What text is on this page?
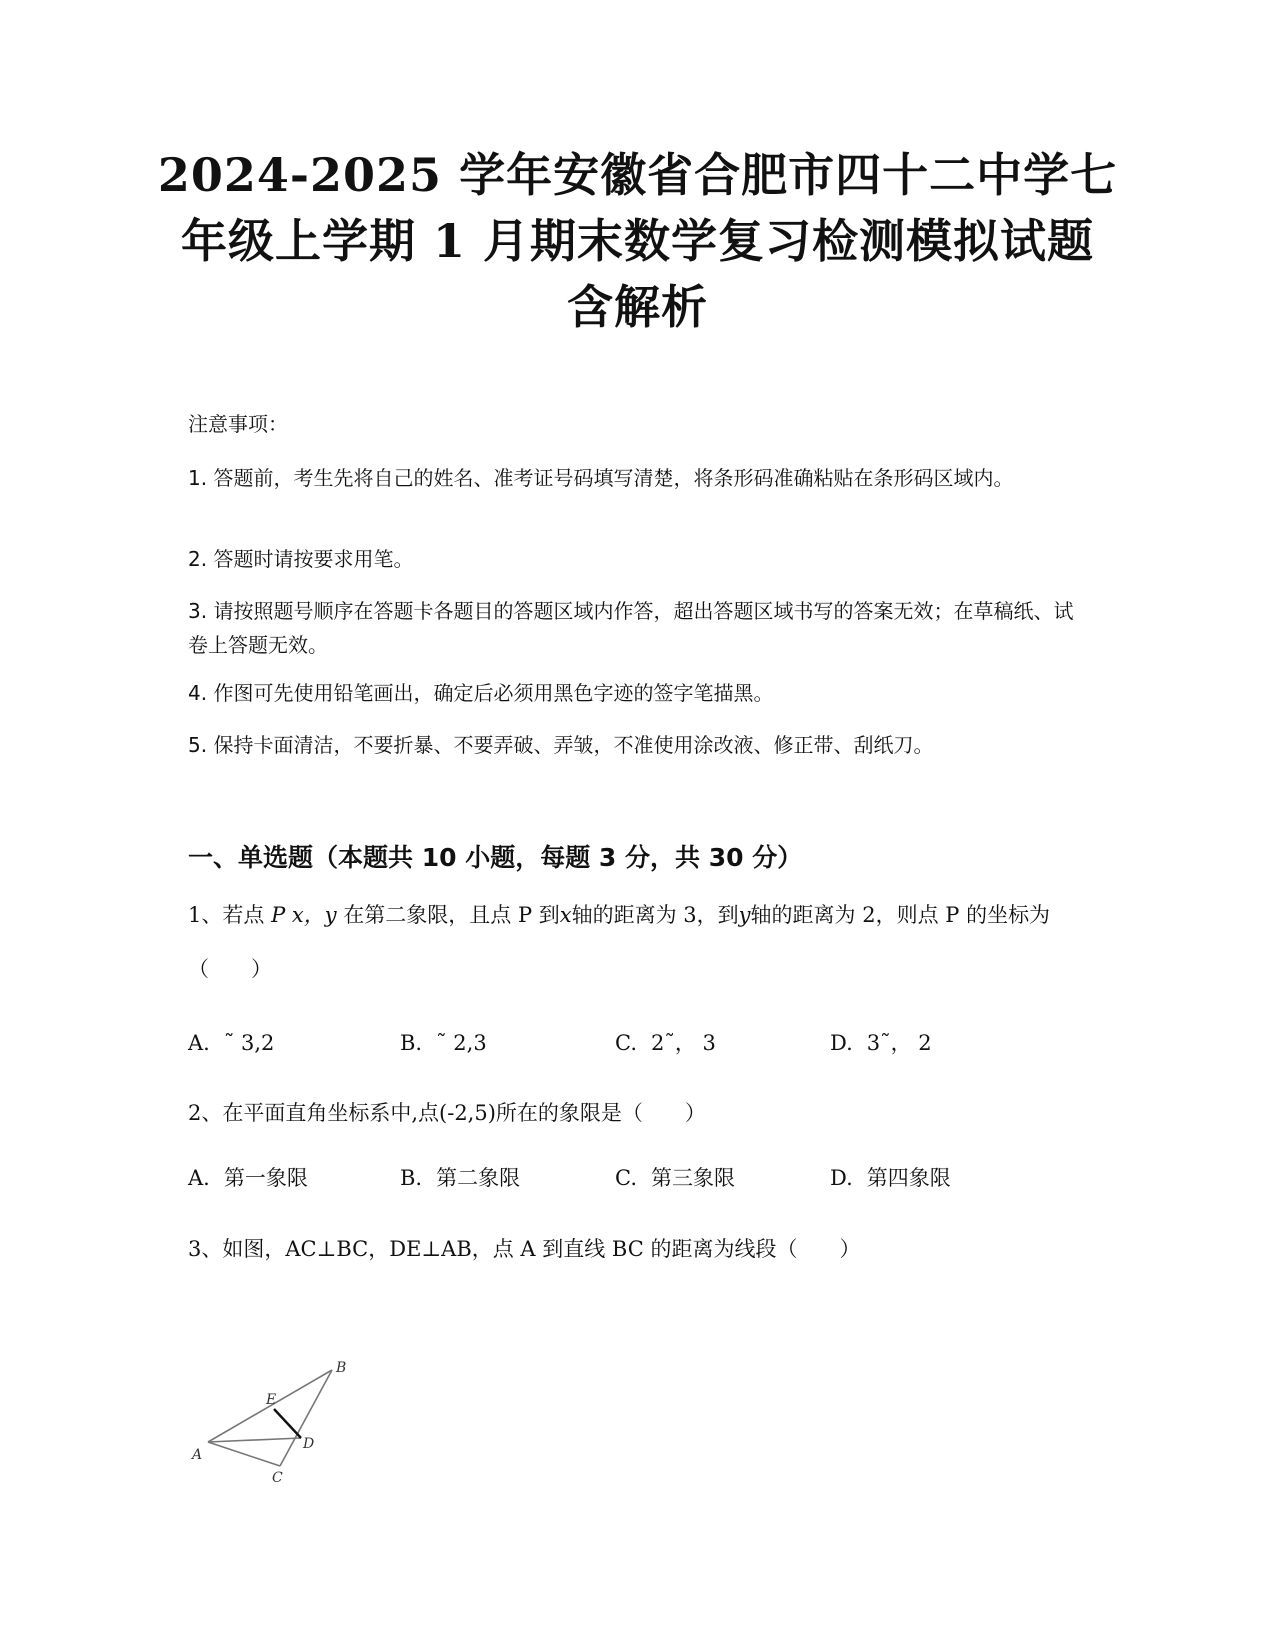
2024-2025 学年安徽省合肥市四十二中学七
年级上学期 1 月期末数学复习检测模拟试题
含解析

注意事项：

1. 答题前，考生先将自己的姓名、准考证号码填写清楚，将条形码准确粘贴在条形码区域内。

2. 答题时请按要求用笔。

3. 请按照题号顺序在答题卡各题目的答题区域内作答，超出答题区域书写的答案无效；在草稿纸、试卷上答题无效。

4. 作图可先使用铅笔画出，确定后必须用黑色字迹的签字笔描黑。

5. 保持卡面清洁，不要折暴、不要弄破、弄皱，不准使用涂改液、修正带、刮纸刀。

一、单选题（本题共 10 小题，每题 3 分，共 30 分）

1、若点 P x，y 在第二象限，且点 P 到x轴的距离为 3，到y轴的距离为 2，则点 P 的坐标为（　　）

A. ˜ 3,2	B. ˜ 2,3	C. 2˜， 3	D. 3˜， 2

2、在平面直角坐标系中,点(-2,5)所在的象限是（　　）

A. 第一象限	B. 第二象限	C. 第三象限	D. 第四象限

3、如图，AC⊥BC，DE⊥AB，点 A 到直线 BC 的距离为线段（　　）

A
B
C
D
E
